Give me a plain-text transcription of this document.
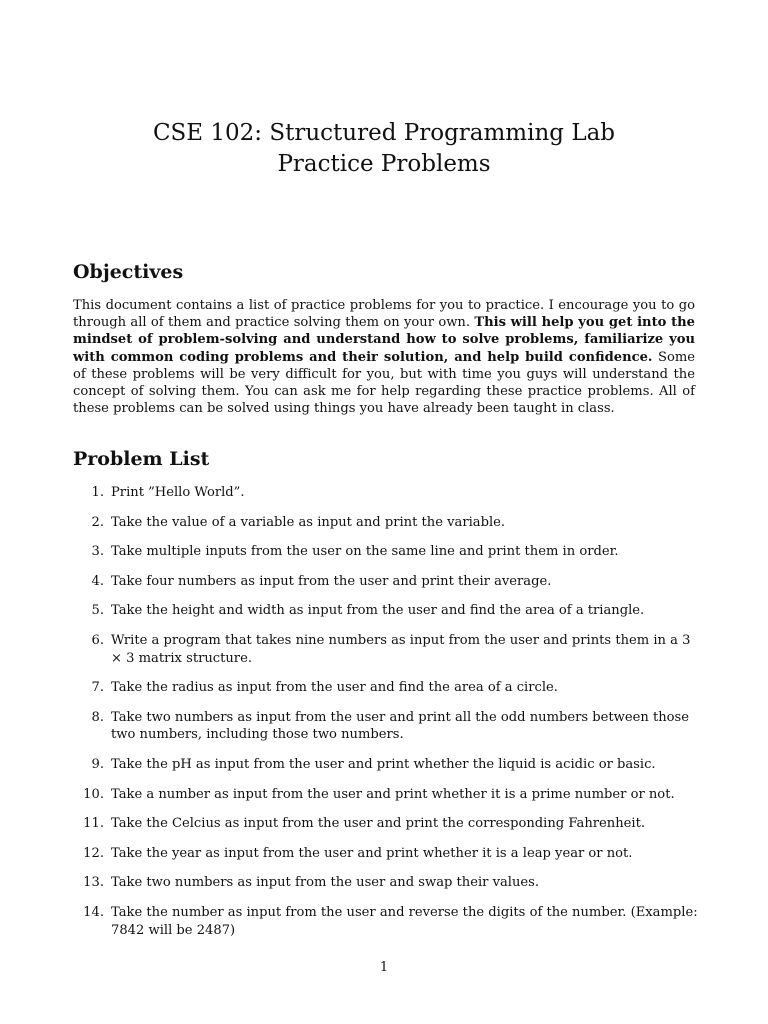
CSE 102: Structured Programming Lab
Practice Problems
Objectives
This document contains a list of practice problems for you to practice. I encourage you to go through all of them and practice solving them on your own. This will help you get into the mindset of problem-solving and understand how to solve problems, familiarize you with common coding problems and their solution, and help build confidence. Some of these problems will be very difficult for you, but with time you guys will understand the concept of solving them. You can ask me for help regarding these practice problems. All of these problems can be solved using things you have already been taught in class.
Problem List
1. Print ”Hello World”.
2. Take the value of a variable as input and print the variable.
3. Take multiple inputs from the user on the same line and print them in order.
4. Take four numbers as input from the user and print their average.
5. Take the height and width as input from the user and find the area of a triangle.
6. Write a program that takes nine numbers as input from the user and prints them in a 3 × 3 matrix structure.
7. Take the radius as input from the user and find the area of a circle.
8. Take two numbers as input from the user and print all the odd numbers between those two numbers, including those two numbers.
9. Take the pH as input from the user and print whether the liquid is acidic or basic.
10. Take a number as input from the user and print whether it is a prime number or not.
11. Take the Celcius as input from the user and print the corresponding Fahrenheit.
12. Take the year as input from the user and print whether it is a leap year or not.
13. Take two numbers as input from the user and swap their values.
14. Take the number as input from the user and reverse the digits of the number. (Example: 7842 will be 2487)
1
